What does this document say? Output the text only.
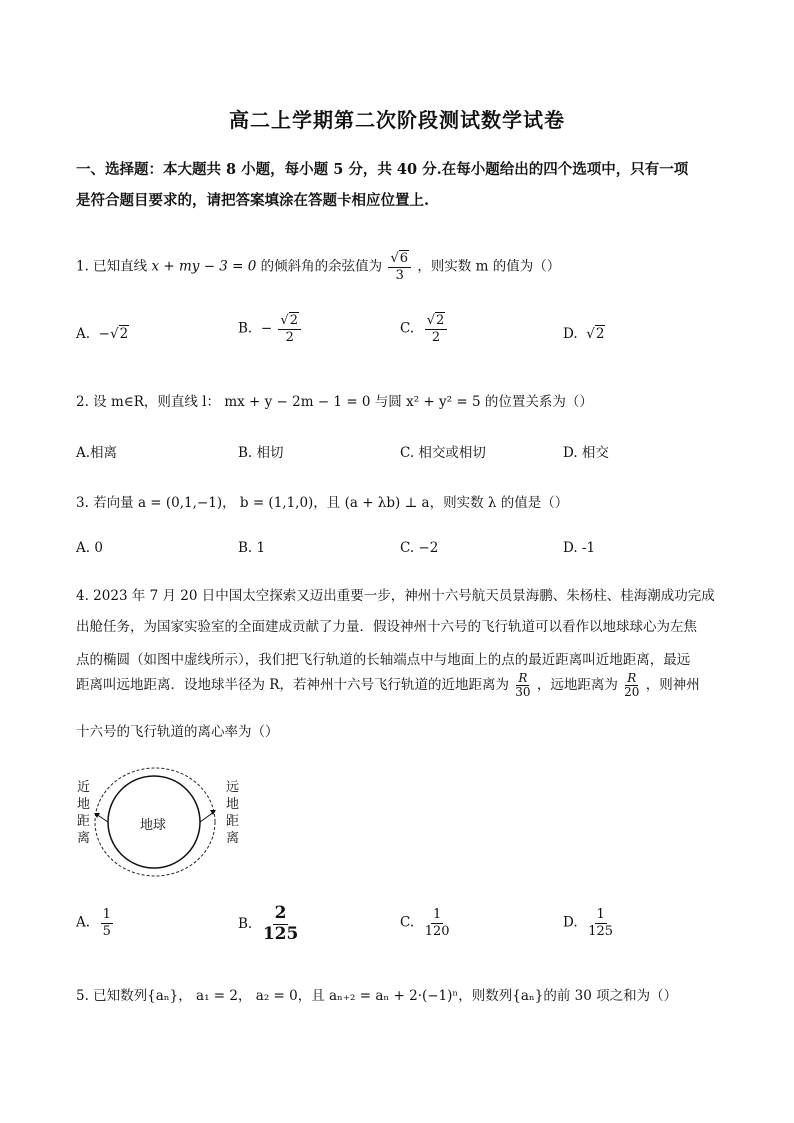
高二上学期第二次阶段测试数学试卷
一、选择题：本大题共 8 小题，每小题 5 分，共 40 分.在每小题给出的四个选项中，只有一项
是符合题目要求的，请把答案填涂在答题卡相应位置上.
1. 已知直线 x + my − 3 = 0 的倾斜角的余弦值为 $\frac{√6}{3}$ ，则实数 m 的值为（）
A. −√2	B. − $\frac{√2}{2}$	C. $\frac{√2}{2}$	D.  √2
2. 设 m∈R，则直线 l： mx + y − 2m − 1 = 0 与圆 x² + y² = 5 的位置关系为（）
A.相离	B. 相切	C. 相交或相切	D. 相交
3. 若向量 a = (0,1,−1)， b = (1,1,0)，且 (a + λb) ⊥ a，则实数 λ 的值是（）
A. 0	B. 1	C. −2	D. -1
4. 2023 年 7 月 20 日中国太空探索又迈出重要一步，神州十六号航天员景海鹏、朱杨柱、桂海潮成功完成
出舱任务，为国家实验室的全面建成贡献了力量．假设神州十六号的飞行轨道可以看作以地球球心为左焦
点的椭圆（如图中虚线所示），我们把飞行轨道的长轴端点中与地面上的点的最近距离叫近地距离，最远
距离叫远地距离．设地球半径为 R，若神州十六号飞行轨道的近地距离为 $\frac{R}{30}$ ，远地距离为 $\frac{R}{20}$ ，则神州
十六号的飞行轨道的离心率为（）
近
地
距
离
远
地
距
离
地球
A. $\frac{1}{5}$	B. $\frac{2}{125}$	C. $\frac{1}{120}$	D. $\frac{1}{125}$
5. 已知数列{aₙ}， a₁ = 2， a₂ = 0，且 aₙ₊₂ = aₙ + 2·(−1)ⁿ，则数列{aₙ}的前 30 项之和为（）
